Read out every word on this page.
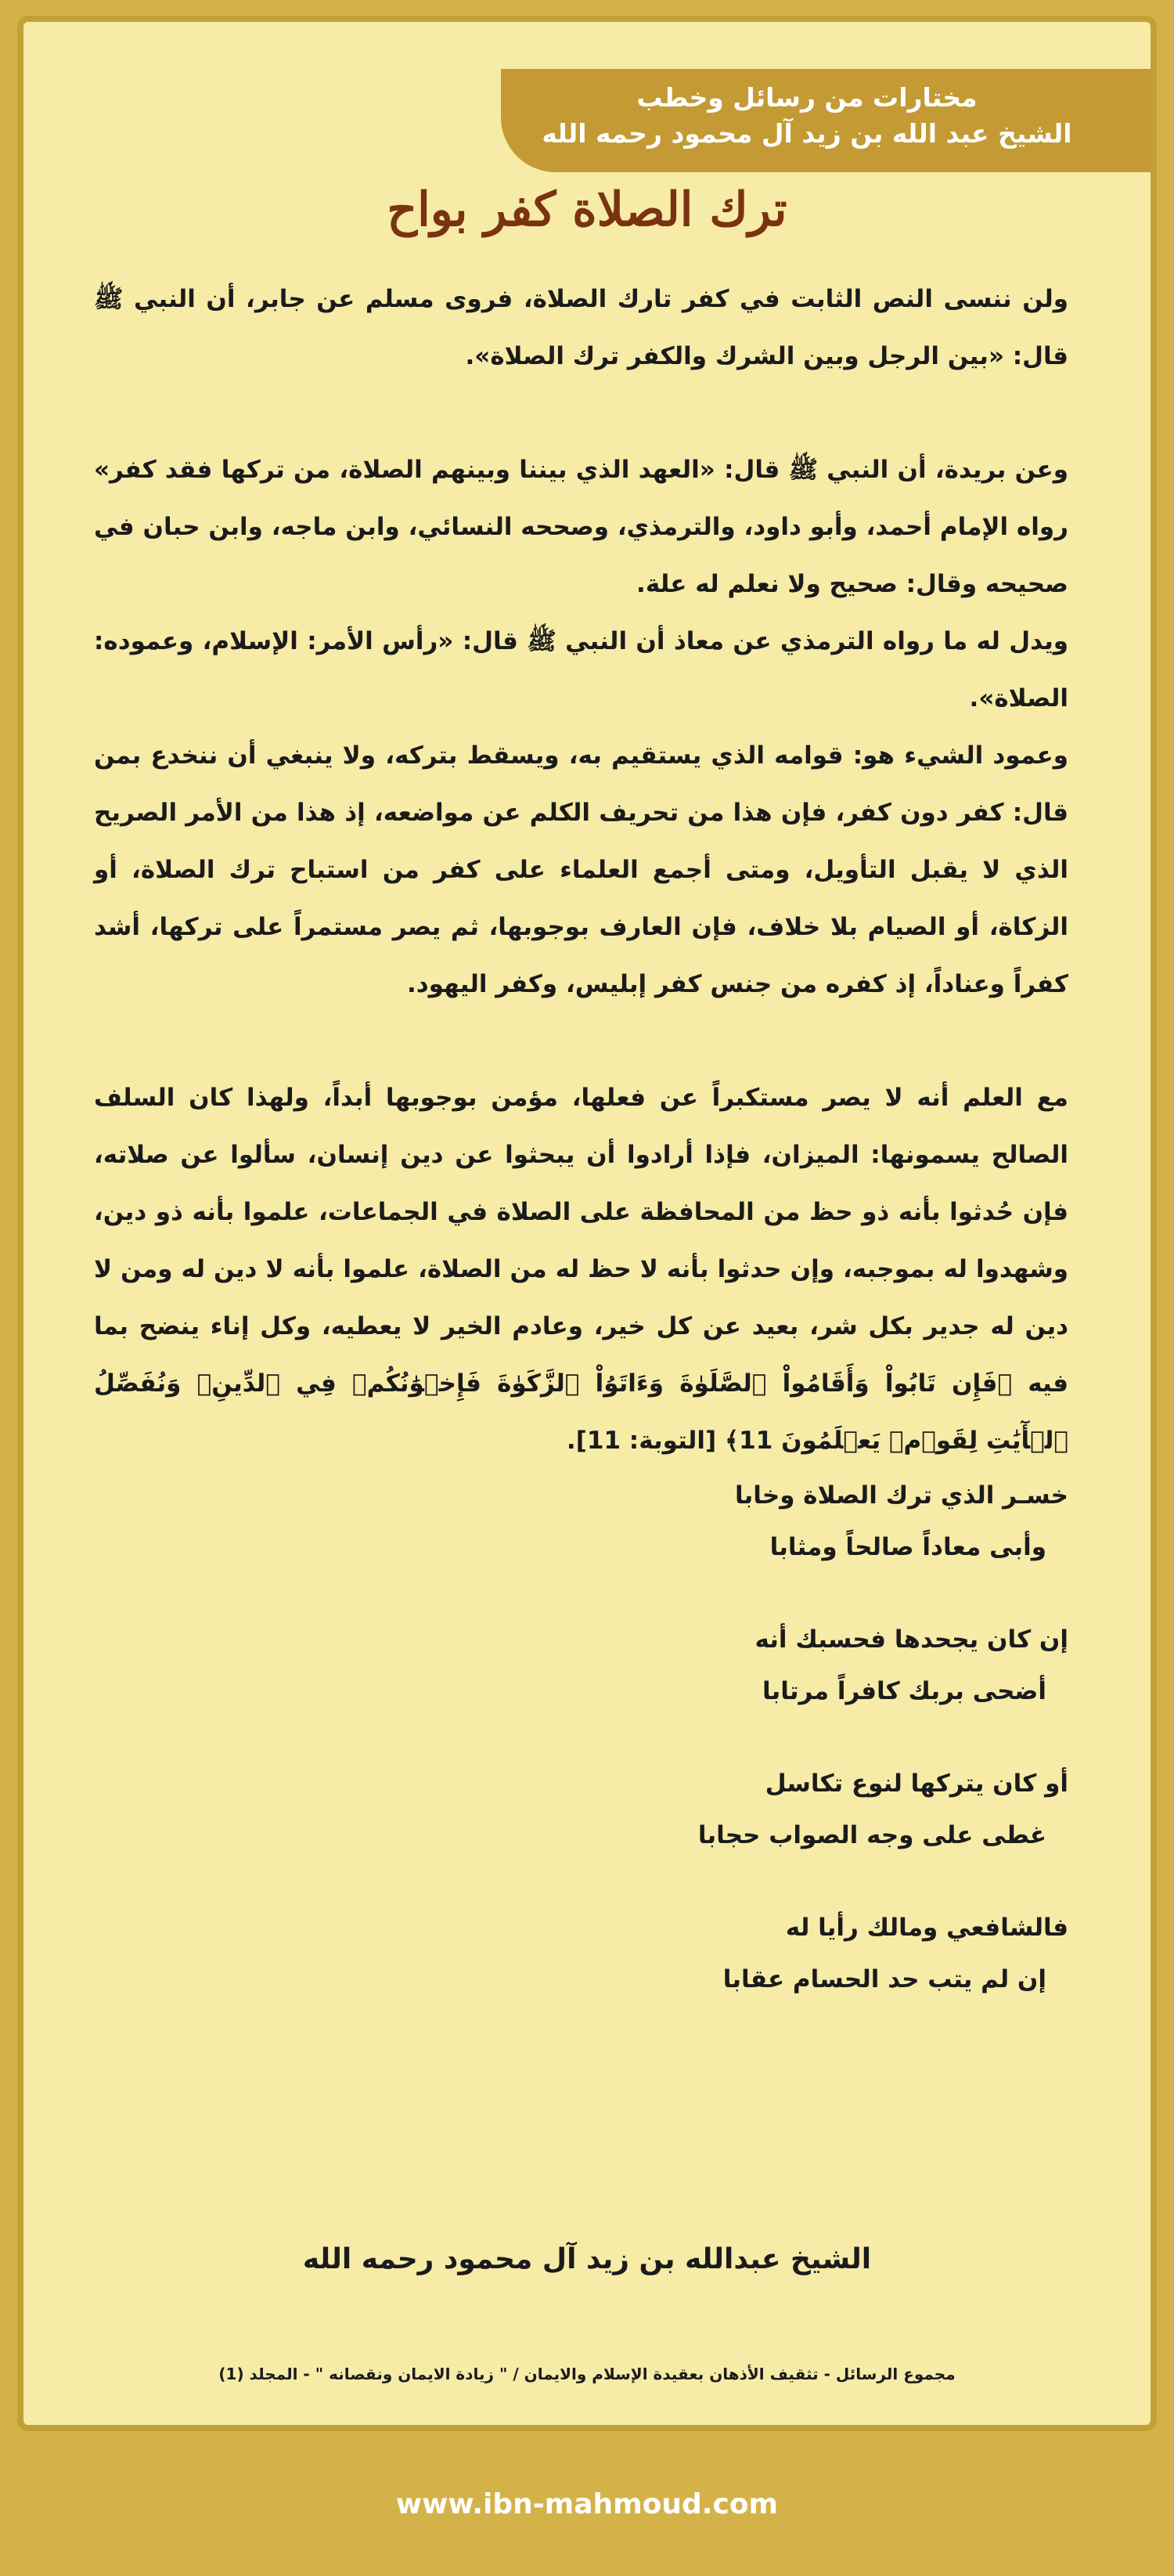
مختارات من رسائل وخطب
الشيخ عبد الله بن زيد آل محمود رحمه الله
ترك الصلاة كفر بواح

ولن ننسى النص الثابت في كفر تارك الصلاة، فروى مسلم عن جابر، أن النبي ﷺ قال: «بين الرجل وبين الشرك والكفر ترك الصلاة».

وعن بريدة، أن النبي ﷺ قال: «العهد الذي بيننا وبينهم الصلاة، من تركها فقد كفر» رواه الإمام أحمد، وأبو داود، والترمذي، وصححه النسائي، وابن ماجه، وابن حبان في صحيحه وقال: صحيح ولا نعلم له علة.

ويدل له ما رواه الترمذي عن معاذ أن النبي ﷺ قال: «رأس الأمر: الإسلام، وعموده: الصلاة».

وعمود الشيء هو: قوامه الذي يستقيم به، ويسقط بتركه، ولا ينبغي أن ننخدع بمن قال: كفر دون كفر، فإن هذا من تحريف الكلم عن مواضعه، إذ هذا من الأمر الصريح الذي لا يقبل التأويل، ومتى أجمع العلماء على كفر من استباح ترك الصلاة، أو الزكاة، أو الصيام بلا خلاف، فإن العارف بوجوبها، ثم يصر مستمراً على تركها، أشد كفراً وعناداً، إذ كفره من جنس كفر إبليس، وكفر اليهود.

مع العلم أنه لا يصر مستكبراً عن فعلها، مؤمن بوجوبها أبداً، ولهذا كان السلف الصالح يسمونها: الميزان، فإذا أرادوا أن يبحثوا عن دين إنسان، سألوا عن صلاته، فإن حُدثوا بأنه ذو حظ من المحافظة على الصلاة في الجماعات، علموا بأنه ذو دين، وشهدوا له بموجبه، وإن حدثوا بأنه لا حظ له من الصلاة، علموا بأنه لا دين له ومن لا دين له جدير بكل شر، بعيد عن كل خير، وعادم الخير لا يعطيه، وكل إناء ينضح بما فيه ﴿فَإِن تَابُواْ وَأَقَامُواْ ٱلصَّلَوٰةَ وَءَاتَوُاْ ٱلزَّكَوٰةَ فَإِخۡوَٰنُكُمۡ فِي ٱلدِّينِۗ وَنُفَصِّلُ ٱلۡأٓيَٰتِ لِقَوۡمٖ يَعۡلَمُونَ 11﴾ [التوبة: 11].

خسـر الذي ترك الصلاة وخابا
وأبى معاداً صالحاً ومثابا
إن كان يجحدها فحسبك أنه
أضحى بربك كافراً مرتابا
أو كان يتركها لنوع تكاسل
غطى على وجه الصواب حجابا
فالشافعي ومالك رأيا له
إن لم يتب حد الحسام عقابا
الشيخ عبدالله بن زيد آل محمود رحمه الله
مجموع الرسائل - تثقيف الأذهان بعقيدة الإسلام والايمان / " زيادة الايمان ونقصانه " - المجلد (1)
www.ibn-mahmoud.com
